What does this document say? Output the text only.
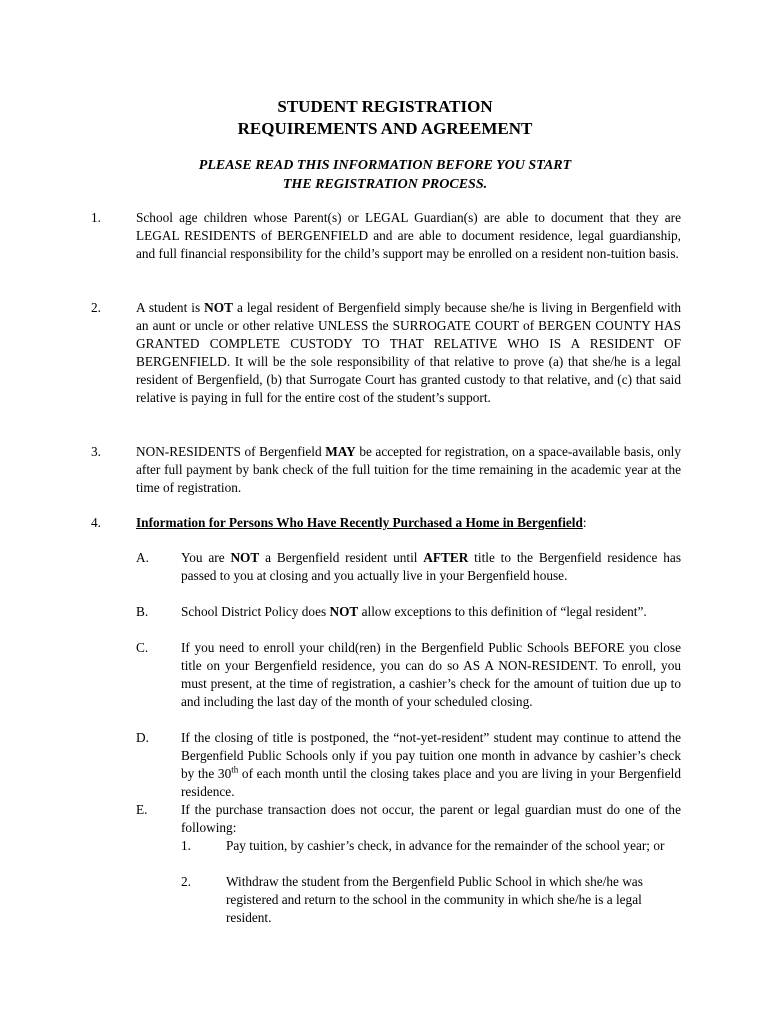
STUDENT REGISTRATION
REQUIREMENTS AND AGREEMENT
PLEASE READ THIS INFORMATION BEFORE YOU START
THE REGISTRATION PROCESS.
1.	School age children whose Parent(s) or LEGAL Guardian(s) are able to document that they are LEGAL RESIDENTS of BERGENFIELD and are able to document residence, legal guardianship, and full financial responsibility for the child’s support may be enrolled on a resident non-tuition basis.
2.	A student is NOT a legal resident of Bergenfield simply because she/he is living in Bergenfield with an aunt or uncle or other relative UNLESS the SURROGATE COURT of BERGEN COUNTY HAS GRANTED COMPLETE CUSTODY TO THAT RELATIVE WHO IS A RESIDENT OF BERGENFIELD. It will be the sole responsibility of that relative to prove (a) that she/he is a legal resident of Bergenfield, (b) that Surrogate Court has granted custody to that relative, and (c) that said relative is paying in full for the entire cost of the student’s support.
3.	NON-RESIDENTS of Bergenfield MAY be accepted for registration, on a space-available basis, only after full payment by bank check of the full tuition for the time remaining in the academic year at the time of registration.
4.	Information for Persons Who Have Recently Purchased a Home in Bergenfield:
A. You are NOT a Bergenfield resident until AFTER title to the Bergenfield residence has passed to you at closing and you actually live in your Bergenfield house.
B. School District Policy does NOT allow exceptions to this definition of “legal resident”.
C. If you need to enroll your child(ren) in the Bergenfield Public Schools BEFORE you close title on your Bergenfield residence, you can do so AS A NON-RESIDENT. To enroll, you must present, at the time of registration, a cashier’s check for the amount of tuition due up to and including the last day of the month of your scheduled closing.
D. If the closing of title is postponed, the “not-yet-resident” student may continue to attend the Bergenfield Public Schools only if you pay tuition one month in advance by cashier’s check by the 30th of each month until the closing takes place and you are living in your Bergenfield residence.
E.	If the purchase transaction does not occur, the parent or legal guardian must do one of the following:
1.	Pay tuition, by cashier’s check, in advance for the remainder of the school year; or
2.	Withdraw the student from the Bergenfield Public School in which she/he was registered and return to the school in the community in which she/he is a legal resident.
